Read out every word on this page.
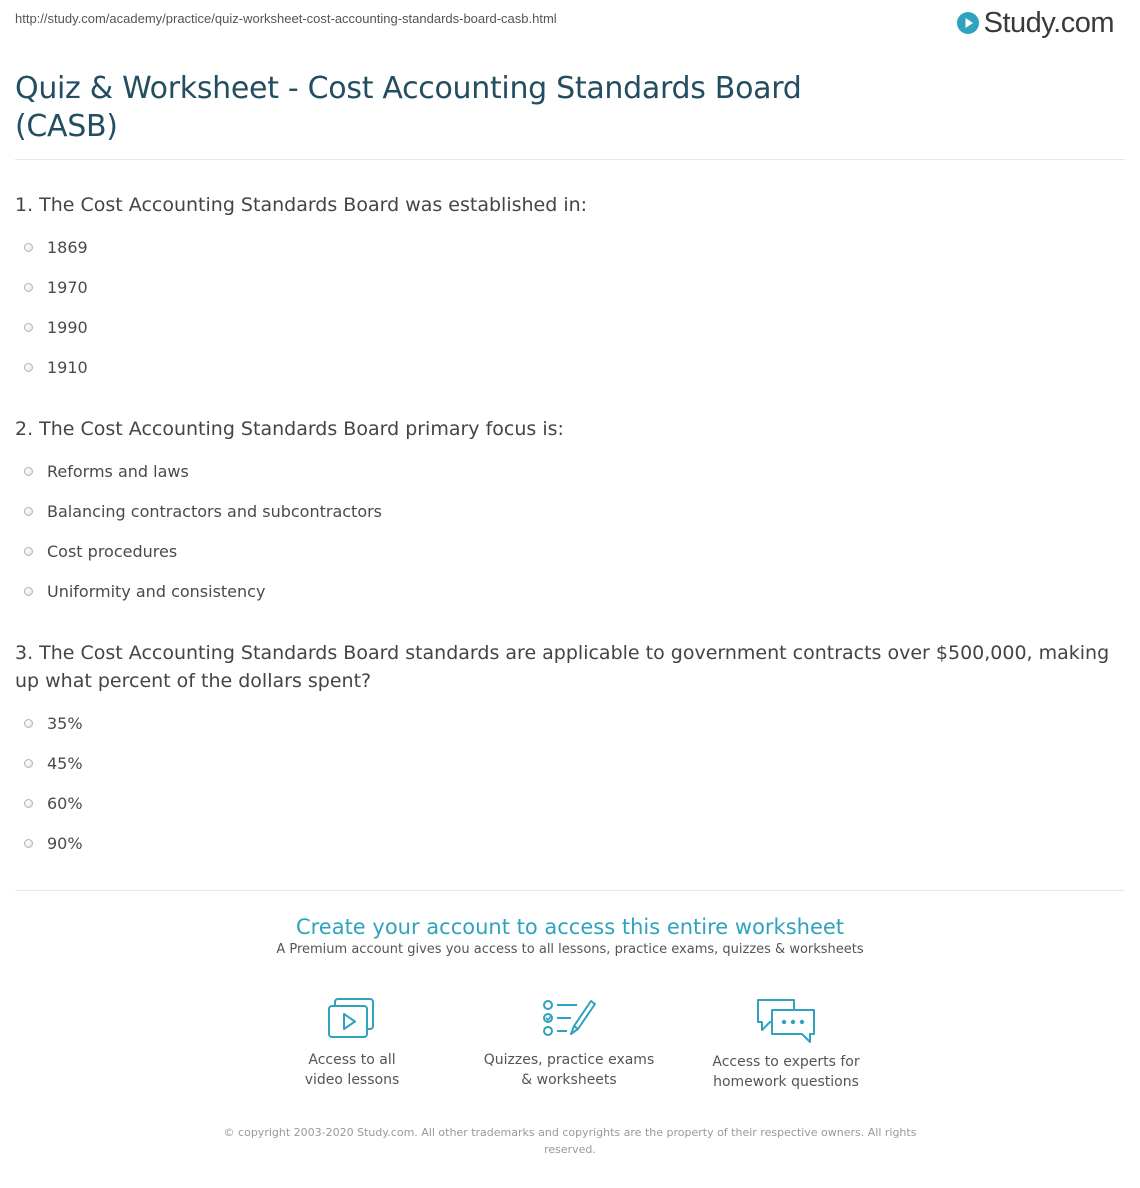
http://study.com/academy/practice/quiz-worksheet-cost-accounting-standards-board-casb.html	Study.com
Quiz & Worksheet - Cost Accounting Standards Board (CASB)

1. The Cost Accounting Standards Board was established in:

1869
1970
1990
1910

2. The Cost Accounting Standards Board primary focus is:

Reforms and laws
Balancing contractors and subcontractors
Cost procedures
Uniformity and consistency

3. The Cost Accounting Standards Board standards are applicable to government contracts over $500,000, making up what percent of the dollars spent?

35%
45%
60%
90%
Create your account to access this entire worksheet

A Premium account gives you access to all lessons, practice exams, quizzes & worksheets

Access to all
video lessons
Quizzes, practice exams
& worksheets
Access to experts for
homework questions
© copyright 2003-2020 Study.com. All other trademarks and copyrights are the property of their respective owners. All rights reserved.
